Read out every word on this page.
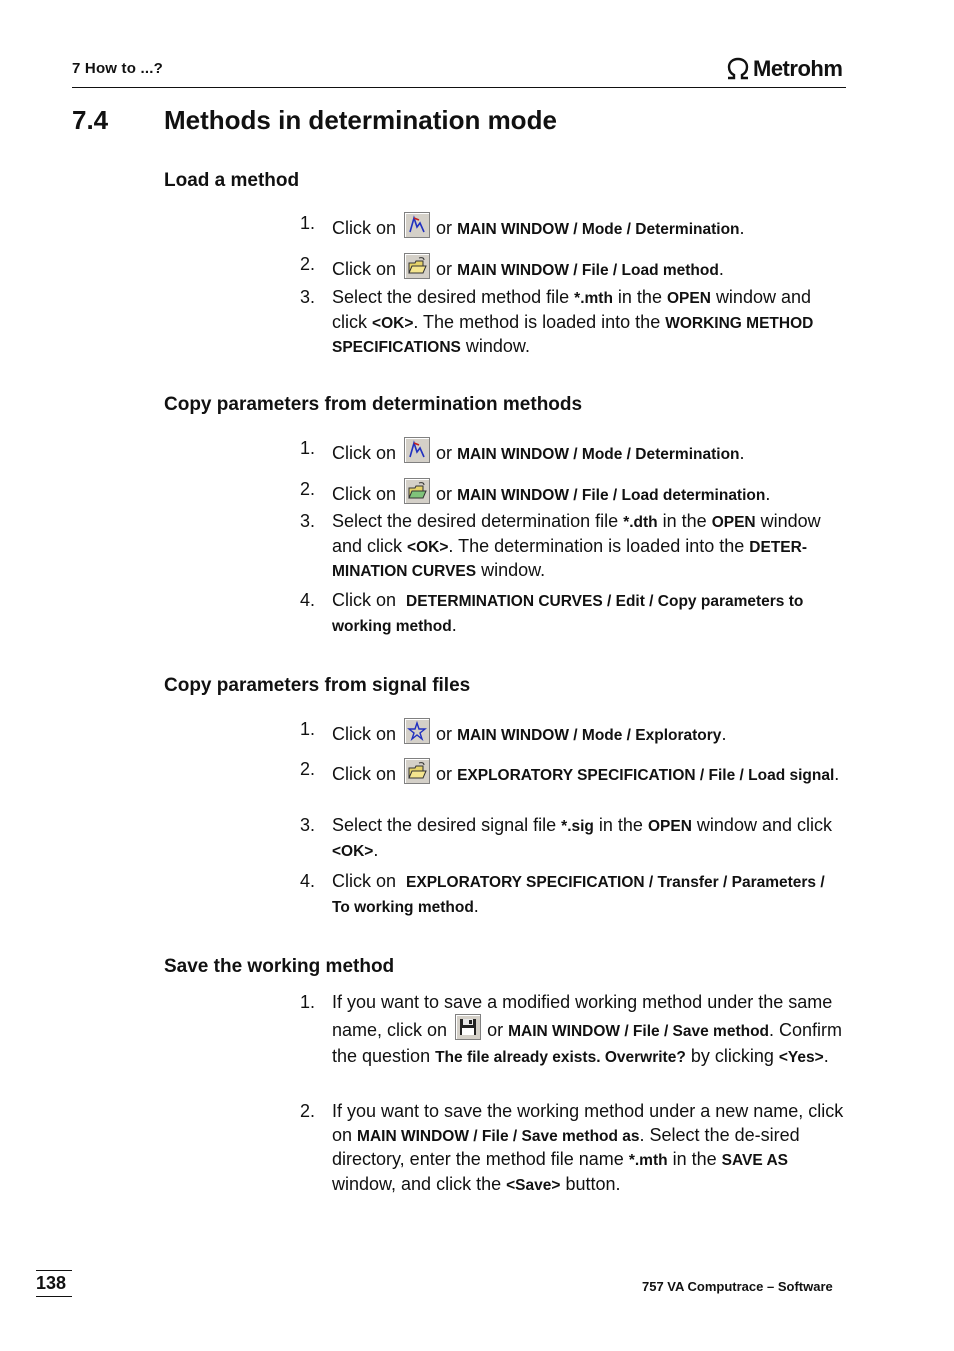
7 How to ...?	Metrohm
7.4 Methods in determination mode
Load a method
1. Click on or MAIN WINDOW / Mode / Determination.
2. Click on or MAIN WINDOW / File / Load method.
3. Select the desired method file *.mth in the OPEN window and click <OK>. The method is loaded into the WORKING METHOD SPECIFICATIONS window.
Copy parameters from determination methods
1. Click on or MAIN WINDOW / Mode / Determination.
2. Click on or MAIN WINDOW / File / Load determination.
3. Select the desired determination file *.dth in the OPEN window and click <OK>. The determination is loaded into the DETER-MINATION CURVES window.
4. Click on DETERMINATION CURVES / Edit / Copy parameters to working method.
Copy parameters from signal files
1. Click on or MAIN WINDOW / Mode / Exploratory.
2. Click on or EXPLORATORY SPECIFICATION / File / Load signal.
3. Select the desired signal file *.sig in the OPEN window and click <OK>.
4. Click on EXPLORATORY SPECIFICATION / Transfer / Parameters / To working method.
Save the working method
1. If you want to save a modified working method under the same name, click on or MAIN WINDOW / File / Save method. Confirm the question The file already exists. Overwrite? by clicking <Yes>.
2. If you want to save the working method under a new name, click on MAIN WINDOW / File / Save method as. Select the de-sired directory, enter the method file name *.mth in the SAVE AS window, and click the <Save> button.
138	757 VA Computrace – Software
